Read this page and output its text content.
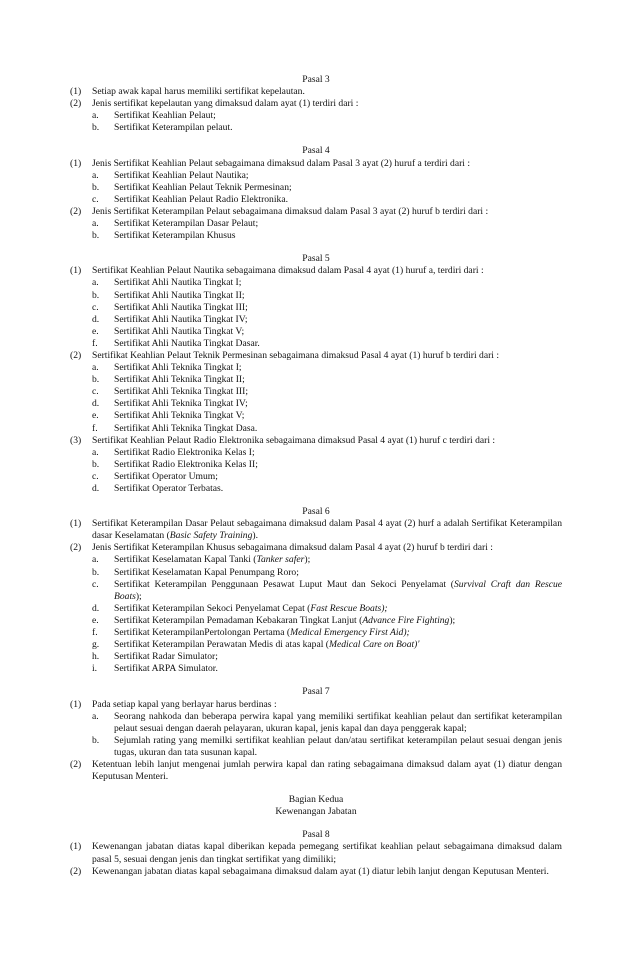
Pasal 3

(1)	Setiap awak kapal harus memiliki sertifikat kepelautan.
(2)	Jenis sertifikat kepelautan yang dimaksud dalam ayat (1) terdiri dari :
a.	Sertifikat Keahlian Pelaut;
b.	Sertifikat Keterampilan pelaut.

Pasal 4

(1)	Jenis Sertifikat Keahlian Pelaut sebagaimana dimaksud dalam Pasal 3 ayat (2) huruf a terdiri dari :
a.	Sertifikat Keahlian Pelaut Nautika;
b.	Sertifikat Keahlian Pelaut Teknik Permesinan;
c.	Sertifikat Keahlian Pelaut Radio Elektronika.
(2)	Jenis Sertifikat Keterampilan Pelaut sebagaimana dimaksud dalam Pasal 3 ayat (2) huruf b terdiri dari :
a.	Sertifikat Keterampilan Dasar Pelaut;
b.	Sertifikat Keterampilan Khusus

Pasal 5

(1)	Sertifikat Keahlian Pelaut Nautika sebagaimana dimaksud dalam Pasal 4 ayat (1) huruf a, terdiri dari :
a.	Sertifikat Ahli Nautika Tingkat I;
b.	Sertifikat Ahli Nautika Tingkat II;
c.	Sertifikat Ahli Nautika Tingkat III;
d.	Sertifikat Ahli Nautika Tingkat IV;
e.	Sertifikat Ahli Nautika Tingkat V;
f.	Sertifikat Ahli Nautika Tingkat Dasar.
(2)	Sertifikat Keahlian Pelaut Teknik Permesinan sebagaimana dimaksud Pasal 4 ayat (1) huruf b terdiri dari :
a.	Sertifikat Ahli Teknika Tingkat I;
b.	Sertifikat Ahli Teknika Tingkat II;
c.	Sertifikat Ahli Teknika Tingkat III;
d.	Sertifikat Ahli Teknika Tingkat IV;
e.	Sertifikat Ahli Teknika Tingkat V;
f.	Sertifikat Ahli Teknika Tingkat Dasa.
(3)	Sertifikat Keahlian Pelaut Radio Elektronika sebagaimana dimaksud Pasal 4 ayat (1) huruf c terdiri dari :
a.	Sertifikat Radio Elektronika Kelas I;
b.	Sertifikat Radio Elektronika Kelas II;
c.	Sertifikat Operator Umum;
d.	Sertifikat Operator Terbatas.

Pasal 6

(1)	Sertifikat Keterampilan Dasar Pelaut sebagaimana dimaksud dalam Pasal 4 ayat (2) hurf a adalah Sertifikat Keterampilan dasar Keselamatan (Basic Safety Training).
(2)	Jenis Sertifikat Keterampilan Khusus sebagaimana dimaksud dalam Pasal 4 ayat (2) huruf b terdiri dari :
a.	Sertifikat Keselamatan Kapal Tanki (Tanker safer);
b.	Sertifikat Keselamatan Kapal Penumpang Roro;
c.	Sertifikat Keterampilan Penggunaan Pesawat Luput Maut dan Sekoci Penyelamat (Survival Craft dan Rescue Boats);
d.	Sertifikat Keterampilan Sekoci Penyelamat Cepat (Fast Rescue Boats);
e.	Sertifikat Keterampilan Pemadaman Kebakaran Tingkat Lanjut (Advance Fire Fighting);
f.	Sertifikat KeterampilanPertolongan Pertama (Medical Emergency First Aid);
g.	Sertifikat Keterampilan Perawatan Medis di atas kapal (Medical Care on Boat)'
h.	Sertifikat Radar Simulator;
i.	Sertifikat ARPA Simulator.

Pasal 7

(1)	Pada setiap kapal yang berlayar harus berdinas :
a.	Seorang nahkoda dan beberapa perwira kapal yang memiliki sertifikat keahlian pelaut dan sertifikat keterampilan pelaut sesuai dengan daerah pelayaran, ukuran kapal, jenis kapal dan daya penggerak kapal;
b.	Sejumlah rating yang memilki sertifikat keahlian pelaut dan/atau sertifikat keterampilan pelaut sesuai dengan jenis tugas, ukuran dan tata susunan kapal.
(2)	Ketentuan lebih lanjut mengenai jumlah perwira kapal dan rating sebagaimana dimaksud dalam ayat (1) diatur dengan Keputusan Menteri.

Bagian Kedua

Kewenangan Jabatan

Pasal 8

(1)	Kewenangan jabatan diatas kapal diberikan kepada pemegang sertifikat keahlian pelaut sebagaimana dimaksud dalam pasal 5, sesuai dengan jenis dan tingkat sertifikat yang dimiliki;
(2)	Kewenangan jabatan diatas kapal sebagaimana dimaksud dalam ayat (1) diatur lebih lanjut dengan Keputusan Menteri.
